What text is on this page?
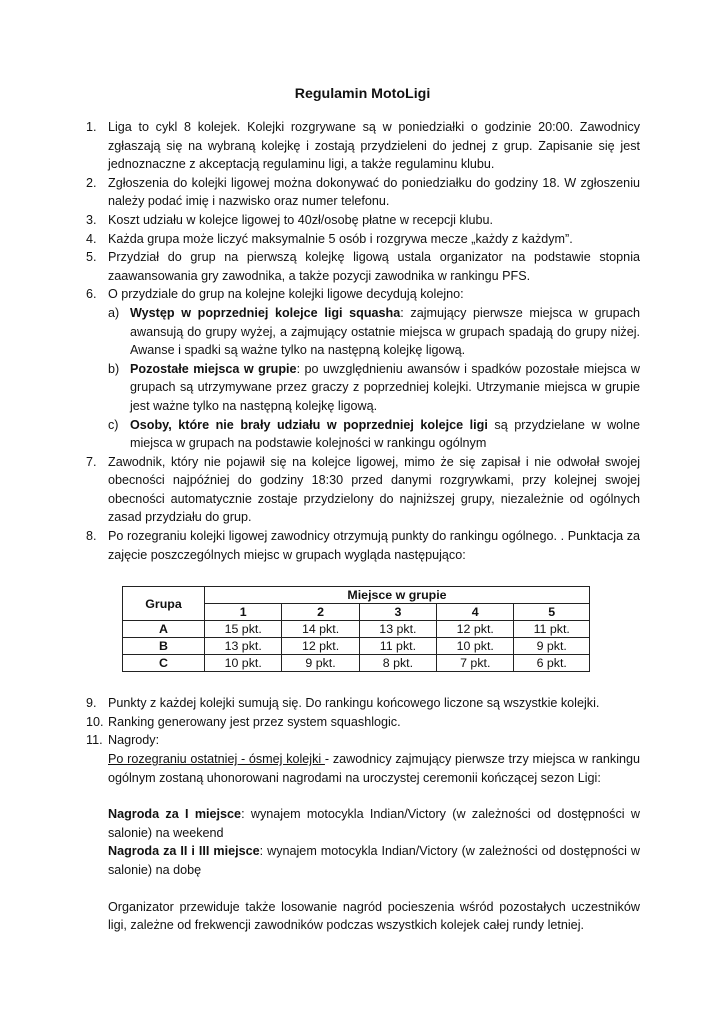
Regulamin MotoLigi
1. Liga to cykl 8 kolejek. Kolejki rozgrywane są w poniedziałki o godzinie 20:00. Zawodnicy zgłaszają się na wybraną kolejkę i zostają przydzieleni do jednej z grup. Zapisanie się jest jednoznaczne z akceptacją regulaminu ligi, a także regulaminu klubu.
2. Zgłoszenia do kolejki ligowej można dokonywać do poniedziałku do godziny 18. W zgłoszeniu należy podać imię i nazwisko oraz numer telefonu.
3. Koszt udziału w kolejce ligowej to 40zł/osobę płatne w recepcji klubu.
4. Każda grupa może liczyć maksymalnie 5 osób i rozgrywa mecze „każdy z każdym”.
5. Przydział do grup na pierwszą kolejkę ligową ustala organizator na podstawie stopnia zaawansowania gry zawodnika, a także pozycji zawodnika w rankingu PFS.
6. O przydziale do grup na kolejne kolejki ligowe decydują kolejno:
a) Występ w poprzedniej kolejce ligi squasha: zajmujący pierwsze miejsca w grupach awansują do grupy wyżej, a zajmujący ostatnie miejsca w grupach spadają do grupy niżej. Awanse i spadki są ważne tylko na następną kolejkę ligową.
b) Pozostałe miejsca w grupie: po uwzględnieniu awansów i spadków pozostałe miejsca w grupach są utrzymywane przez graczy z poprzedniej kolejki. Utrzymanie miejsca w grupie jest ważne tylko na następną kolejkę ligową.
c) Osoby, które nie brały udziału w poprzedniej kolejce ligi są przydzielane w wolne miejsca w grupach na podstawie kolejności w rankingu ogólnym
7. Zawodnik, który nie pojawił się na kolejce ligowej, mimo że się zapisał i nie odwołał swojej obecności najpóźniej do godziny 18:30 przed danymi rozgrywkami, przy kolejnej swojej obecności automatycznie zostaje przydzielony do najniższej grupy, niezależnie od ogólnych zasad przydziału do grup.
8. Po rozegraniu kolejki ligowej zawodnicy otrzymują punkty do rankingu ogólnego. . Punktacja za zajęcie poszczególnych miejsc w grupach wygląda następująco:
Grupa	Miejsce w grupie				
	1	2	3	4	5
A	15 pkt.	14 pkt.	13 pkt.	12 pkt.	11 pkt.
B	13 pkt.	12 pkt.	11 pkt.	10 pkt.	9 pkt.
C	10 pkt.	9 pkt.	8 pkt.	7 pkt.	6 pkt.
9. Punkty z każdej kolejki sumują się. Do rankingu końcowego liczone są wszystkie kolejki.
10. Ranking generowany jest przez system squashlogic.
11. Nagrody:

Po rozegraniu ostatniej - ósmej kolejki - zawodnicy zajmujący pierwsze trzy miejsca w rankingu ogólnym zostaną uhonorowani nagrodami na uroczystej ceremonii kończącej sezon Ligi:

Nagroda za I miejsce: wynajem motocykla Indian/Victory (w zależności od dostępności w salonie) na weekend

Nagroda za II i III miejsce: wynajem motocykla Indian/Victory (w zależności od dostępności w salonie) na dobę

Organizator przewiduje także losowanie nagród pocieszenia wśród pozostałych uczestników ligi, zależne od frekwencji zawodników podczas wszystkich kolejek całej rundy letniej.
